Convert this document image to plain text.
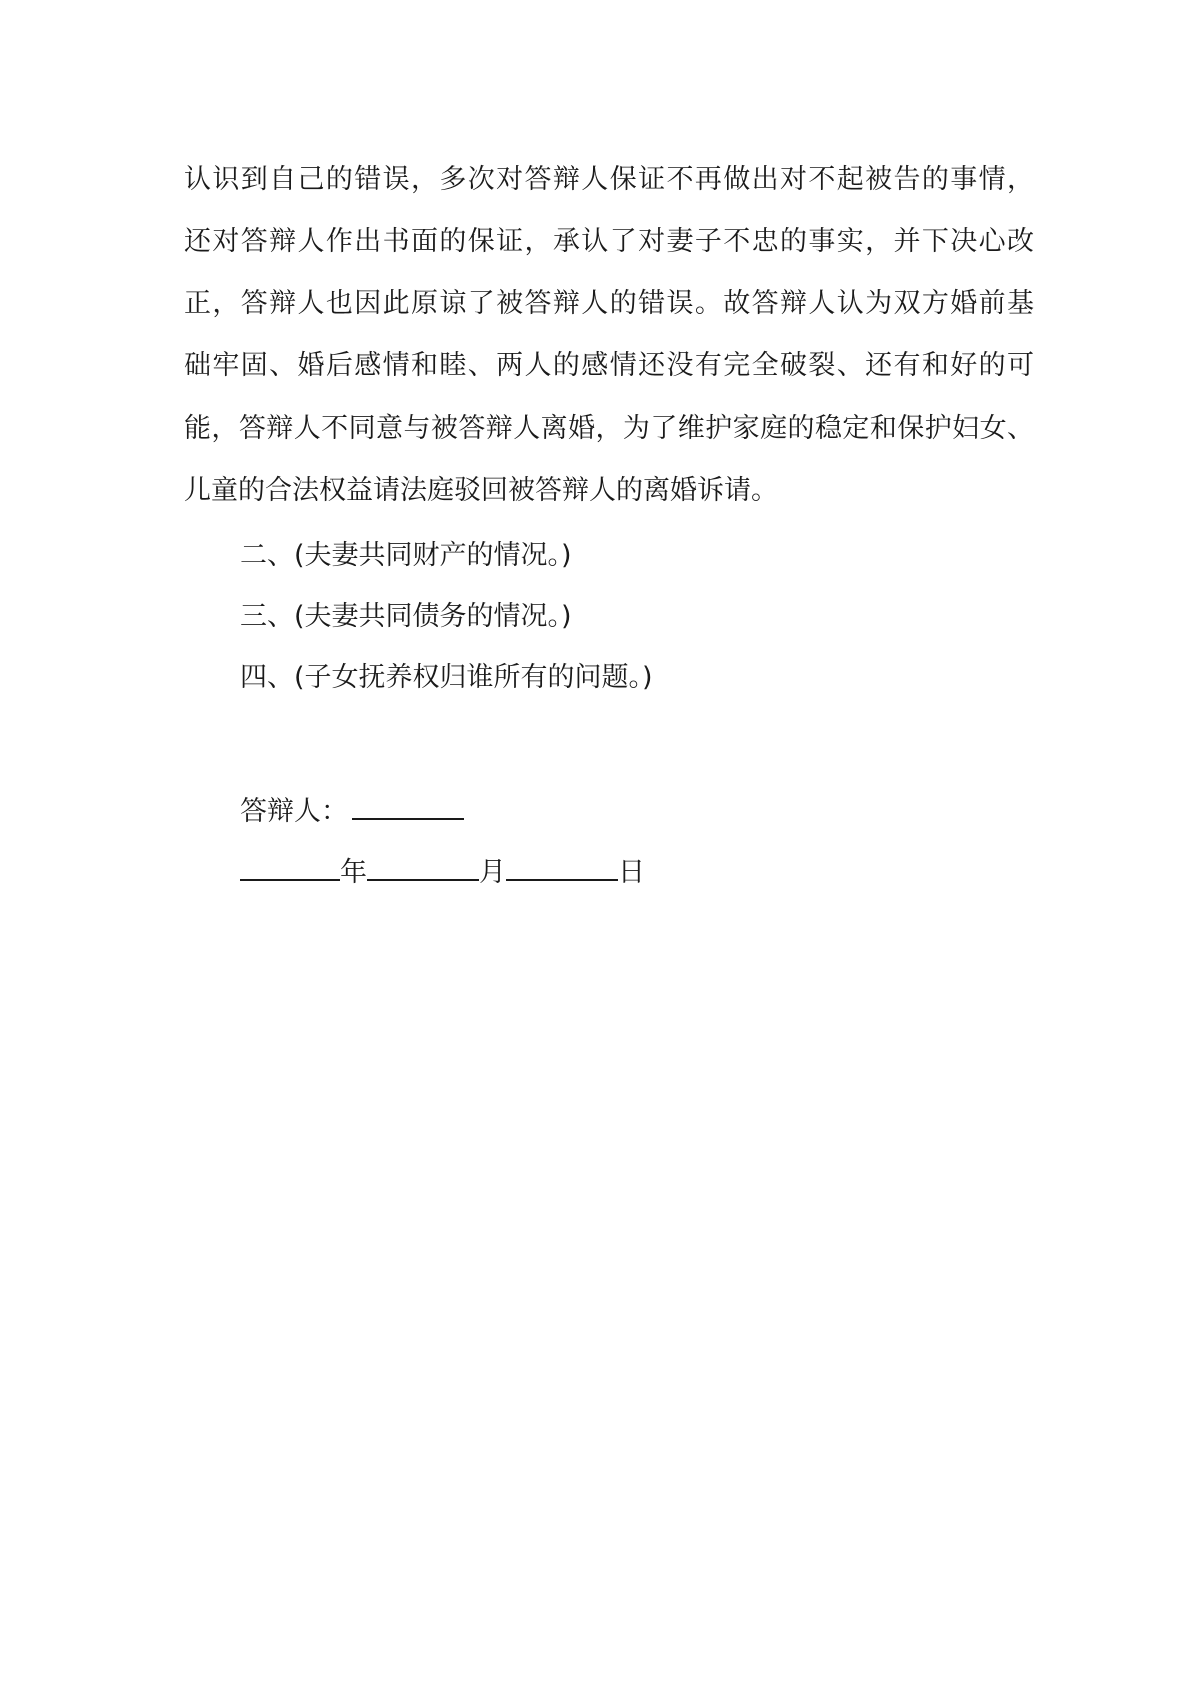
认识到自己的错误，多次对答辩人保证不再做出对不起被告的事情，
还对答辩人作出书面的保证，承认了对妻子不忠的事实，并下决心改
正，答辩人也因此原谅了被答辩人的错误。故答辩人认为双方婚前基
础牢固、婚后感情和睦、两人的感情还没有完全破裂、还有和好的可
能，答辩人不同意与被答辩人离婚，为了维护家庭的稳定和保护妇女、
儿童的合法权益请法庭驳回被答辩人的离婚诉请。
二、(夫妻共同财产的情况。)
三、(夫妻共同债务的情况。)
四、(子女抚养权归谁所有的问题。)
答辩人：
年	月	日
